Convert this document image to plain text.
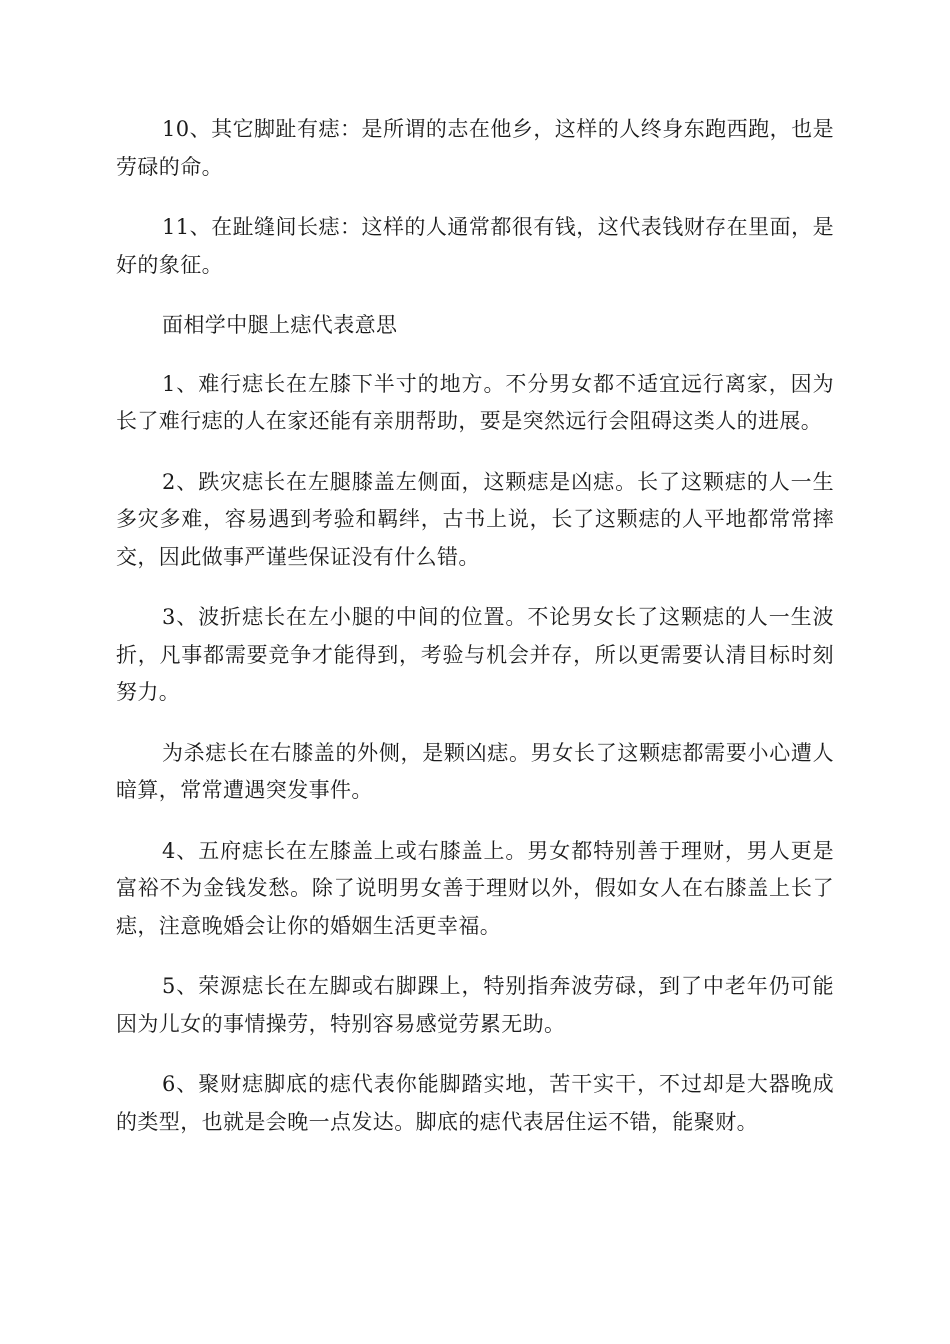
10、其它脚趾有痣：是所谓的志在他乡，这样的人终身东跑西跑，也是劳碌的命。

11、在趾缝间长痣：这样的人通常都很有钱，这代表钱财存在里面，是好的象征。

面相学中腿上痣代表意思

1、难行痣长在左膝下半寸的地方。不分男女都不适宜远行离家，因为长了难行痣的人在家还能有亲朋帮助，要是突然远行会阻碍这类人的进展。

2、跌灾痣长在左腿膝盖左侧面，这颗痣是凶痣。长了这颗痣的人一生多灾多难，容易遇到考验和羁绊，古书上说，长了这颗痣的人平地都常常摔交，因此做事严谨些保证没有什么错。

3、波折痣长在左小腿的中间的位置。不论男女长了这颗痣的人一生波折，凡事都需要竞争才能得到，考验与机会并存，所以更需要认清目标时刻努力。

为杀痣长在右膝盖的外侧，是颗凶痣。男女长了这颗痣都需要小心遭人暗算，常常遭遇突发事件。

4、五府痣长在左膝盖上或右膝盖上。男女都特别善于理财，男人更是富裕不为金钱发愁。除了说明男女善于理财以外，假如女人在右膝盖上长了痣，注意晚婚会让你的婚姻生活更幸福。

5、荣源痣长在左脚或右脚踝上，特别指奔波劳碌，到了中老年仍可能因为儿女的事情操劳，特别容易感觉劳累无助。

6、聚财痣脚底的痣代表你能脚踏实地，苦干实干，不过却是大器晚成的类型，也就是会晚一点发达。脚底的痣代表居住运不错，能聚财。
